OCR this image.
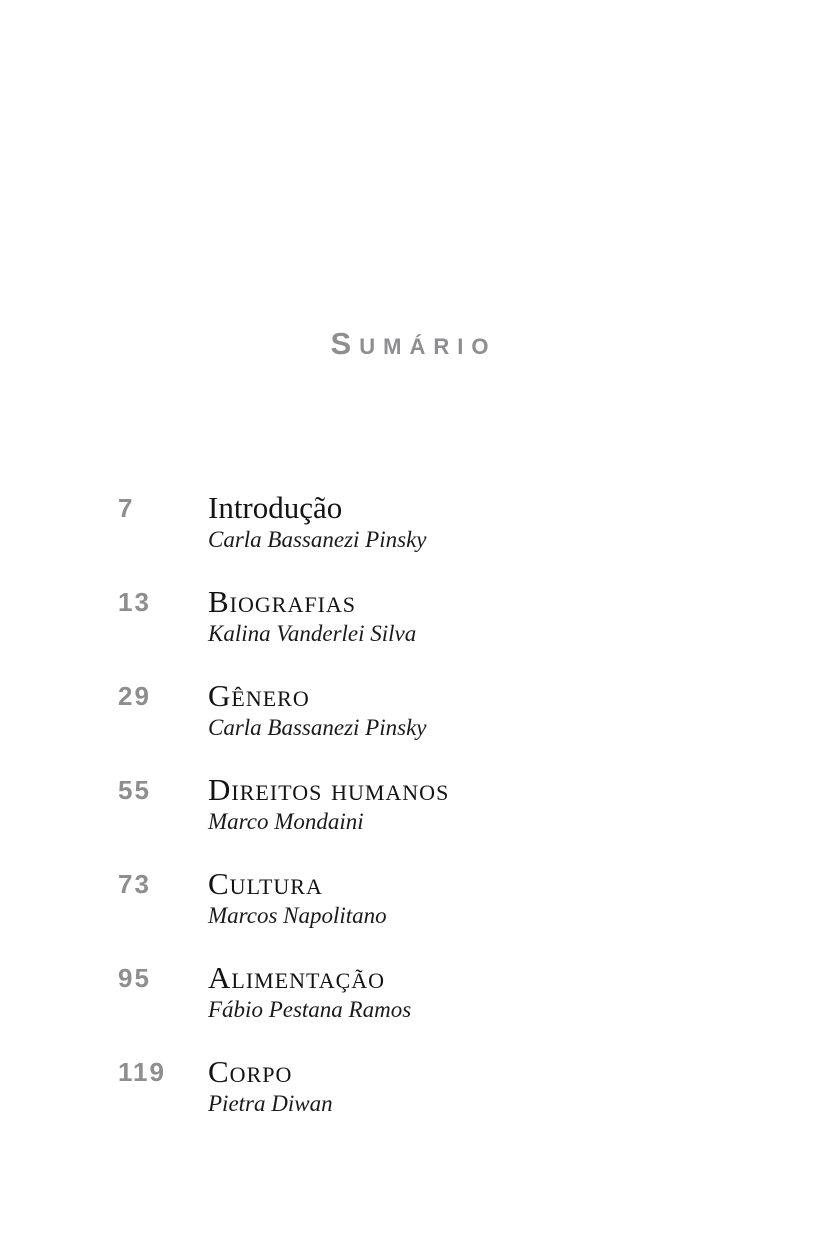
Sumário
7	Introdução
Carla Bassanezi Pinsky
13	Biografias
Kalina Vanderlei Silva
29	Gênero
Carla Bassanezi Pinsky
55	Direitos humanos
Marco Mondaini
73	Cultura
Marcos Napolitano
95	Alimentação
Fábio Pestana Ramos
119	Corpo
Pietra Diwan
